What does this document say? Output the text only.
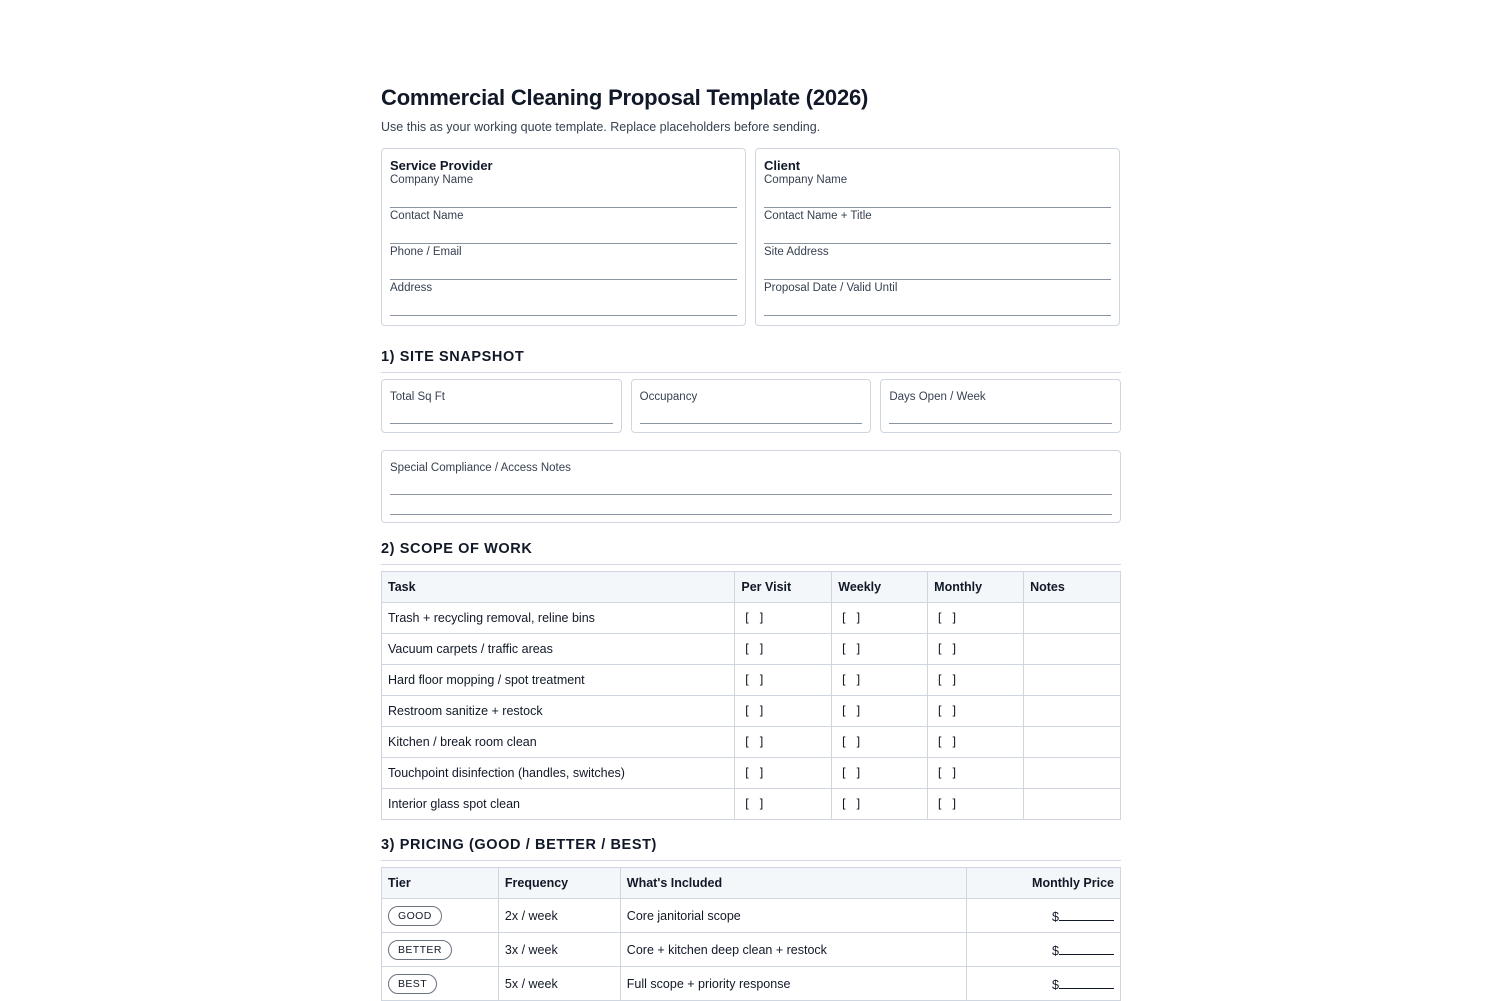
Commercial Cleaning Proposal Template (2026)

Use this as your working quote template. Replace placeholders before sending.

Service Provider
Company Name
Contact Name
Phone / Email
Address
Client
Company Name
Contact Name + Title
Site Address
Proposal Date / Valid Until
1) SITE SNAPSHOT
Total Sq Ft	Occupancy	Days Open / Week
Special Compliance / Access Notes
2) SCOPE OF WORK
Task	Per Visit	Weekly	Monthly	Notes
Trash + recycling removal, reline bins	[ ]	[ ]	[ ]	
Vacuum carpets / traffic areas	[ ]	[ ]	[ ]	
Hard floor mopping / spot treatment	[ ]	[ ]	[ ]	
Restroom sanitize + restock	[ ]	[ ]	[ ]	
Kitchen / break room clean	[ ]	[ ]	[ ]	
Touchpoint disinfection (handles, switches)	[ ]	[ ]	[ ]	
Interior glass spot clean	[ ]	[ ]	[ ]	
3) PRICING (GOOD / BETTER / BEST)
Tier	Frequency	What's Included	Monthly Price
GOOD	2x / week	Core janitorial scope	$
BETTER	3x / week	Core + kitchen deep clean + restock	$
BEST	5x / week	Full scope + priority response	$
